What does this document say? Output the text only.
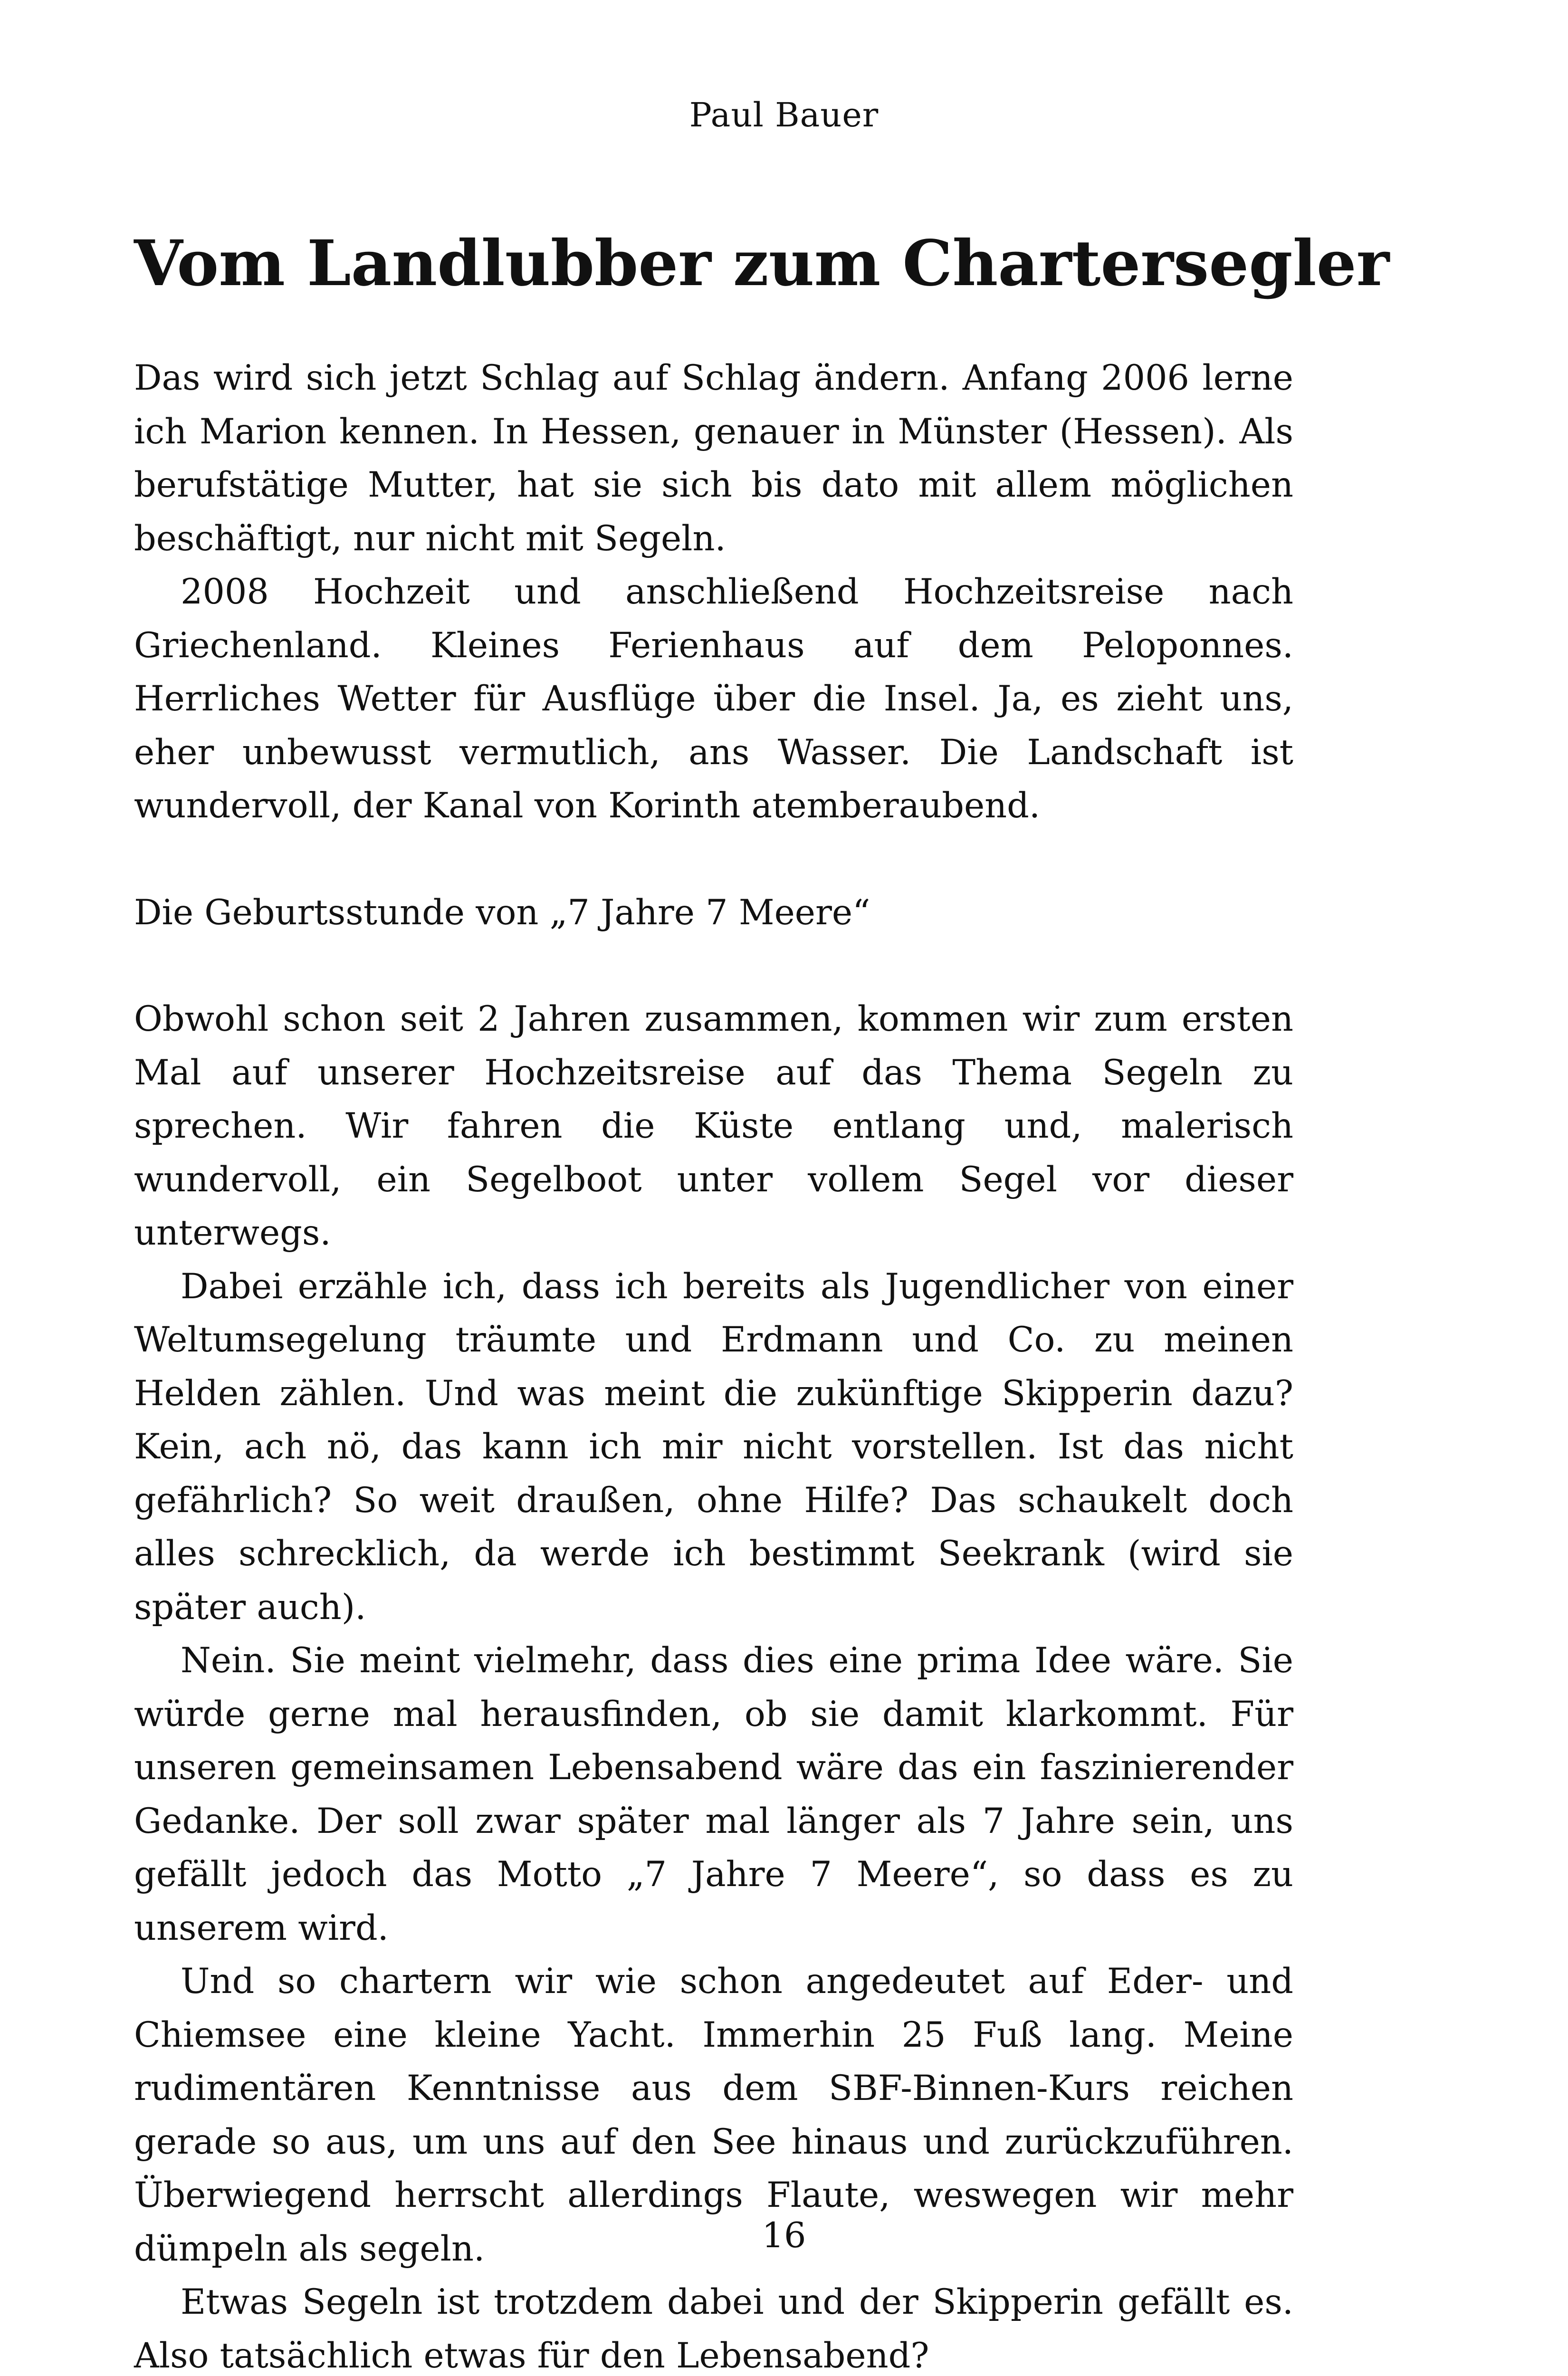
Paul Bauer
Vom Landlubber zum Chartersegler

Das wird sich jetzt Schlag auf Schlag ändern. Anfang 2006 lerne ich Marion kennen. In Hessen, genauer in Münster (Hessen). Als berufstätige Mutter, hat sie sich bis dato mit allem möglichen beschäftigt, nur nicht mit Segeln.

2008 Hochzeit und anschließend Hochzeitsreise nach Griechenland. Kleines Ferienhaus auf dem Peloponnes. Herrliches Wetter für Ausflüge über die Insel. Ja, es zieht uns, eher unbewusst vermutlich, ans Wasser. Die Landschaft ist wundervoll, der Kanal von Korinth atemberaubend.

Die Geburtsstunde von „7 Jahre 7 Meere“

Obwohl schon seit 2 Jahren zusammen, kommen wir zum ersten Mal auf unserer Hochzeitsreise auf das Thema Segeln zu sprechen. Wir fahren die Küste entlang und, malerisch wundervoll, ein Segelboot unter vollem Segel vor dieser unterwegs.

Dabei erzähle ich, dass ich bereits als Jugendlicher von einer Weltumsegelung träumte und Erdmann und Co. zu meinen Helden zählen. Und was meint die zukünftige Skipperin dazu? Kein, ach nö, das kann ich mir nicht vorstellen. Ist das nicht gefährlich? So weit draußen, ohne Hilfe? Das schaukelt doch alles schrecklich, da werde ich bestimmt Seekrank (wird sie später auch).

Nein. Sie meint vielmehr, dass dies eine prima Idee wäre. Sie würde gerne mal herausfinden, ob sie damit klarkommt. Für unseren gemeinsamen Lebensabend wäre das ein faszinierender Gedanke. Der soll zwar später mal länger als 7 Jahre sein, uns gefällt jedoch das Motto „7 Jahre 7 Meere“, so dass es zu unserem wird.

Und so chartern wir wie schon angedeutet auf Eder- und Chiemsee eine kleine Yacht. Immerhin 25 Fuß lang. Meine rudimentären Kenntnisse aus dem SBF-Binnen-Kurs reichen gerade so aus, um uns auf den See hinaus und zurückzuführen. Überwiegend herrscht allerdings Flaute, weswegen wir mehr dümpeln als segeln.

Etwas Segeln ist trotzdem dabei und der Skipperin gefällt es. Also tatsächlich etwas für den Lebensabend?

16
